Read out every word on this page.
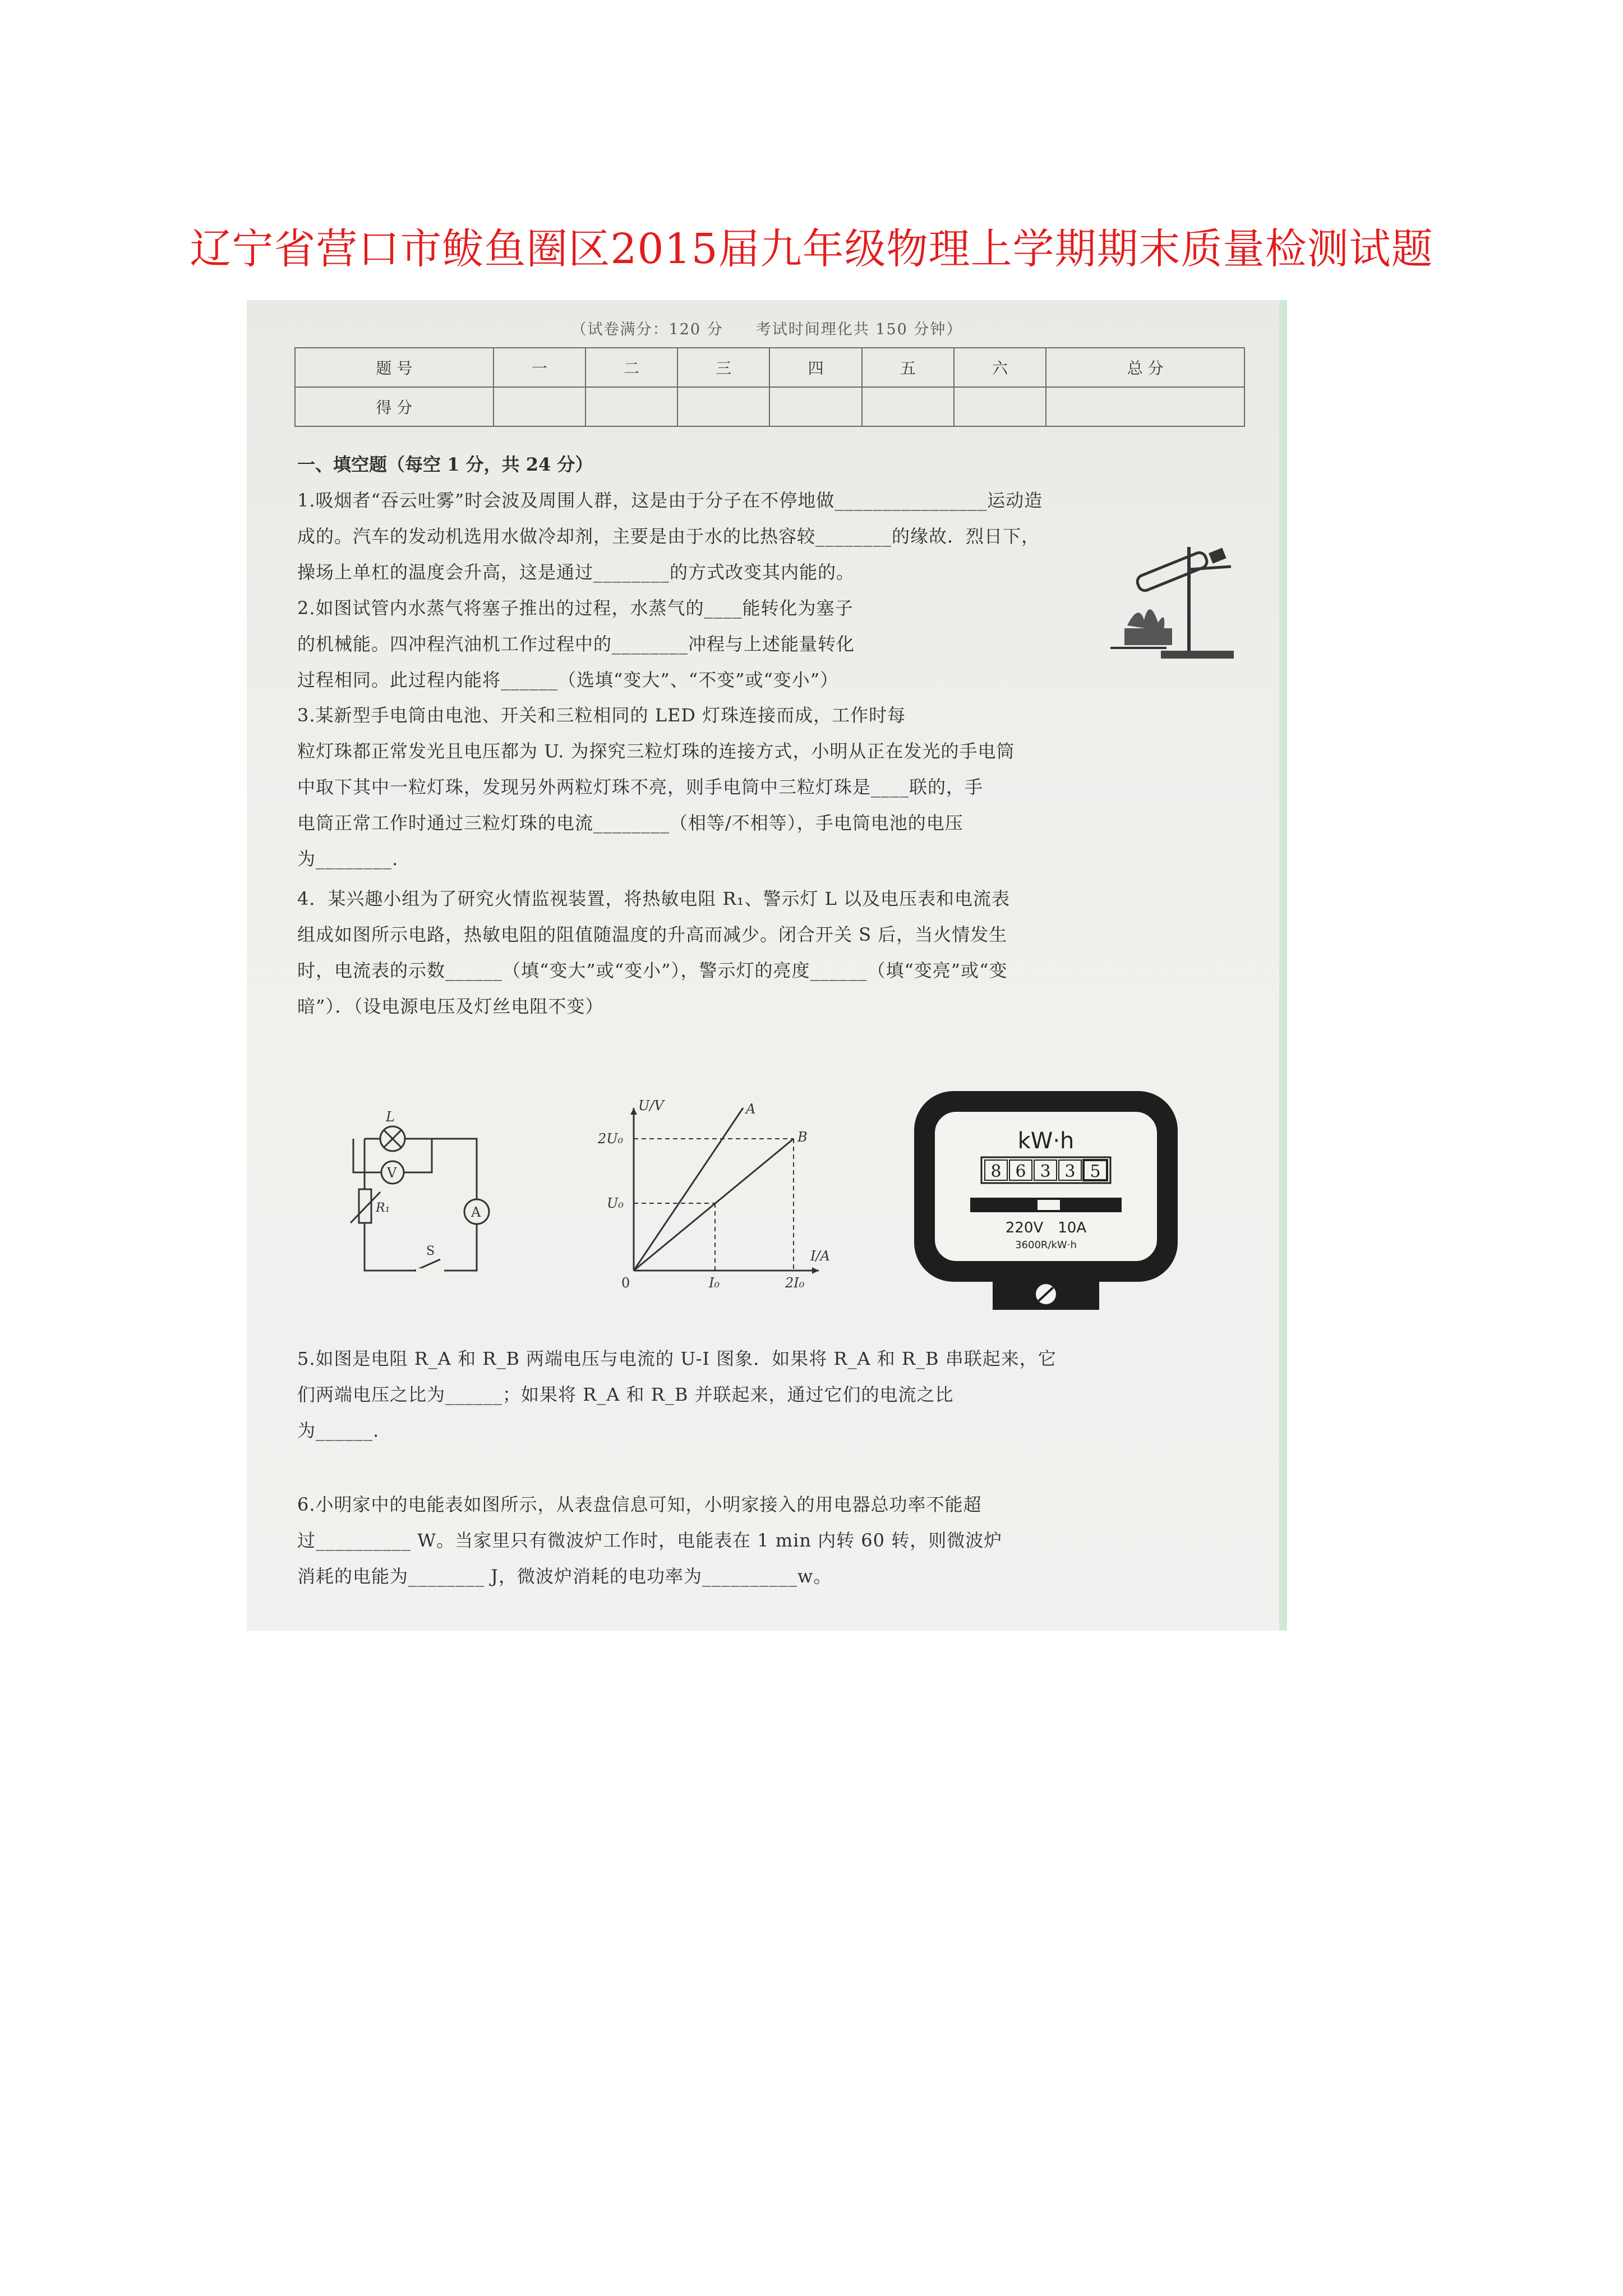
辽宁省营口市鲅鱼圈区2015届九年级物理上学期期末质量检测试题
（试卷满分：120 分　　考试时间理化共 150 分钟）
题 号	一	二	三	四	五	六	总 分
得 分							
一、填空题（每空 1 分，共 24 分）
1.吸烟者“吞云吐雾”时会波及周围人群，这是由于分子在不停地做________________运动造
成的。汽车的发动机选用水做冷却剂，主要是由于水的比热容较________的缘故．烈日下，
操场上单杠的温度会升高，这是通过________的方式改变其内能的。
2.如图试管内水蒸气将塞子推出的过程，水蒸气的____能转化为塞子
的机械能。四冲程汽油机工作过程中的________冲程与上述能量转化
过程相同。此过程内能将______（选填“变大”、“不变”或“变小”）
3.某新型手电筒由电池、开关和三粒相同的 LED 灯珠连接而成，工作时每
粒灯珠都正常发光且电压都为 U. 为探究三粒灯珠的连接方式，小明从正在发光的手电筒
中取下其中一粒灯珠，发现另外两粒灯珠不亮，则手电筒中三粒灯珠是____联的，手
电筒正常工作时通过三粒灯珠的电流________（相等/不相等），手电筒电池的电压
为________.
4．某兴趣小组为了研究火情监视装置，将热敏电阻 R₁、警示灯 L 以及电压表和电流表
组成如图所示电路，热敏电阻的阻值随温度的升高而减少。闭合开关 S 后，当火情发生
时，电流表的示数______（填“变大”或“变小”），警示灯的亮度______（填“变亮”或“变
暗”）．（设电源电压及灯丝电阻不变）
L
V
R₁	A
S
U/V
I/A
0
2U₀
U₀
I₀	2I₀
A
B	kW·h
8 6 3 3 5
220V　10A
3600R/kW·h
5.如图是电阻 R_A 和 R_B 两端电压与电流的 U-I 图象．如果将 R_A 和 R_B 串联起来，它
们两端电压之比为______；如果将 R_A 和 R_B 并联起来，通过它们的电流之比
为______.
6.小明家中的电能表如图所示，从表盘信息可知，小明家接入的用电器总功率不能超
过__________ W。当家里只有微波炉工作时，电能表在 1 min 内转 60 转，则微波炉
消耗的电能为________ J，微波炉消耗的电功率为__________w。
